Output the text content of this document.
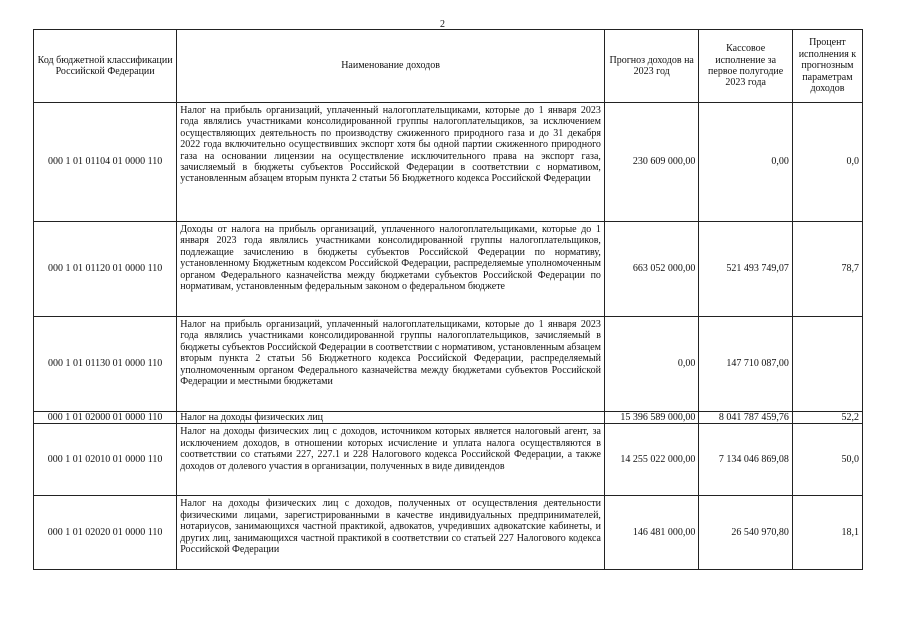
2
Код бюджетной классификации Российской Федерации	Наименование доходов	Прогноз доходов на 2023 год	Кассовое исполнение за первое полугодие 2023 года	Процент исполнения к прогнозным параметрам доходов
000 1 01 01104 01 0000 110	Налог на прибыль организаций, уплаченный налогоплательщиками, которые до 1 января 2023 года являлись участниками консолидированной группы налогоплательщиков, за исключением осуществляющих деятельность по производству сжиженного природного газа и до 31 декабря 2022 года включительно осуществивших экспорт хотя бы одной партии сжиженного природного газа на основании лицензии на осуществление исключительного права на экспорт газа, зачисляемый в бюджеты субъектов Российской Федерации в соответствии с нормативом, установленным абзацем вторым пункта 2 статьи 56 Бюджетного кодекса Российской Федерации	230 609 000,00	0,00	0,0
000 1 01 01120 01 0000 110	Доходы от налога на прибыль организаций, уплаченного налогоплательщиками, которые до 1 января 2023 года являлись участниками консолидированной группы налогоплательщиков, подлежащие зачислению в бюджеты субъектов Российской Федерации по нормативу, установленному Бюджетным кодексом Российской Федерации, распределяемые уполномоченным органом Федерального казначейства между бюджетами субъектов Российской Федерации по нормативам, установленным федеральным законом о федеральном бюджете	663 052 000,00	521 493 749,07	78,7
000 1 01 01130 01 0000 110	Налог на прибыль организаций, уплаченный налогоплательщиками, которые до 1 января 2023 года являлись участниками консолидированной группы налогоплательщиков, зачисляемый в бюджеты субъектов Российской Федерации в соответствии с нормативом, установленным абзацем вторым пункта 2 статьи 56 Бюджетного кодекса Российской Федерации, распределяемый уполномоченным органом Федерального казначейства между бюджетами субъектов Российской Федерации и местными бюджетами	0,00	147 710 087,00	
000 1 01 02000 01 0000 110	Налог на доходы физических лиц	15 396 589 000,00	8 041 787 459,76	52,2
000 1 01 02010 01 0000 110	Налог на доходы физических лиц с доходов, источником которых является налоговый агент, за исключением доходов, в отношении которых исчисление и уплата налога осуществляются в соответствии со статьями 227, 227.1 и 228 Налогового кодекса Российской Федерации, а также доходов от долевого участия в организации, полученных в виде дивидендов	14 255 022 000,00	7 134 046 869,08	50,0
000 1 01 02020 01 0000 110	Налог на доходы физических лиц с доходов, полученных от осуществления деятельности физическими лицами, зарегистрированными в качестве индивидуальных предпринимателей, нотариусов, занимающихся частной практикой, адвокатов, учредивших адвокатские кабинеты, и других лиц, занимающихся частной практикой в соответствии со статьей 227 Налогового кодекса Российской Федерации	146 481 000,00	26 540 970,80	18,1
